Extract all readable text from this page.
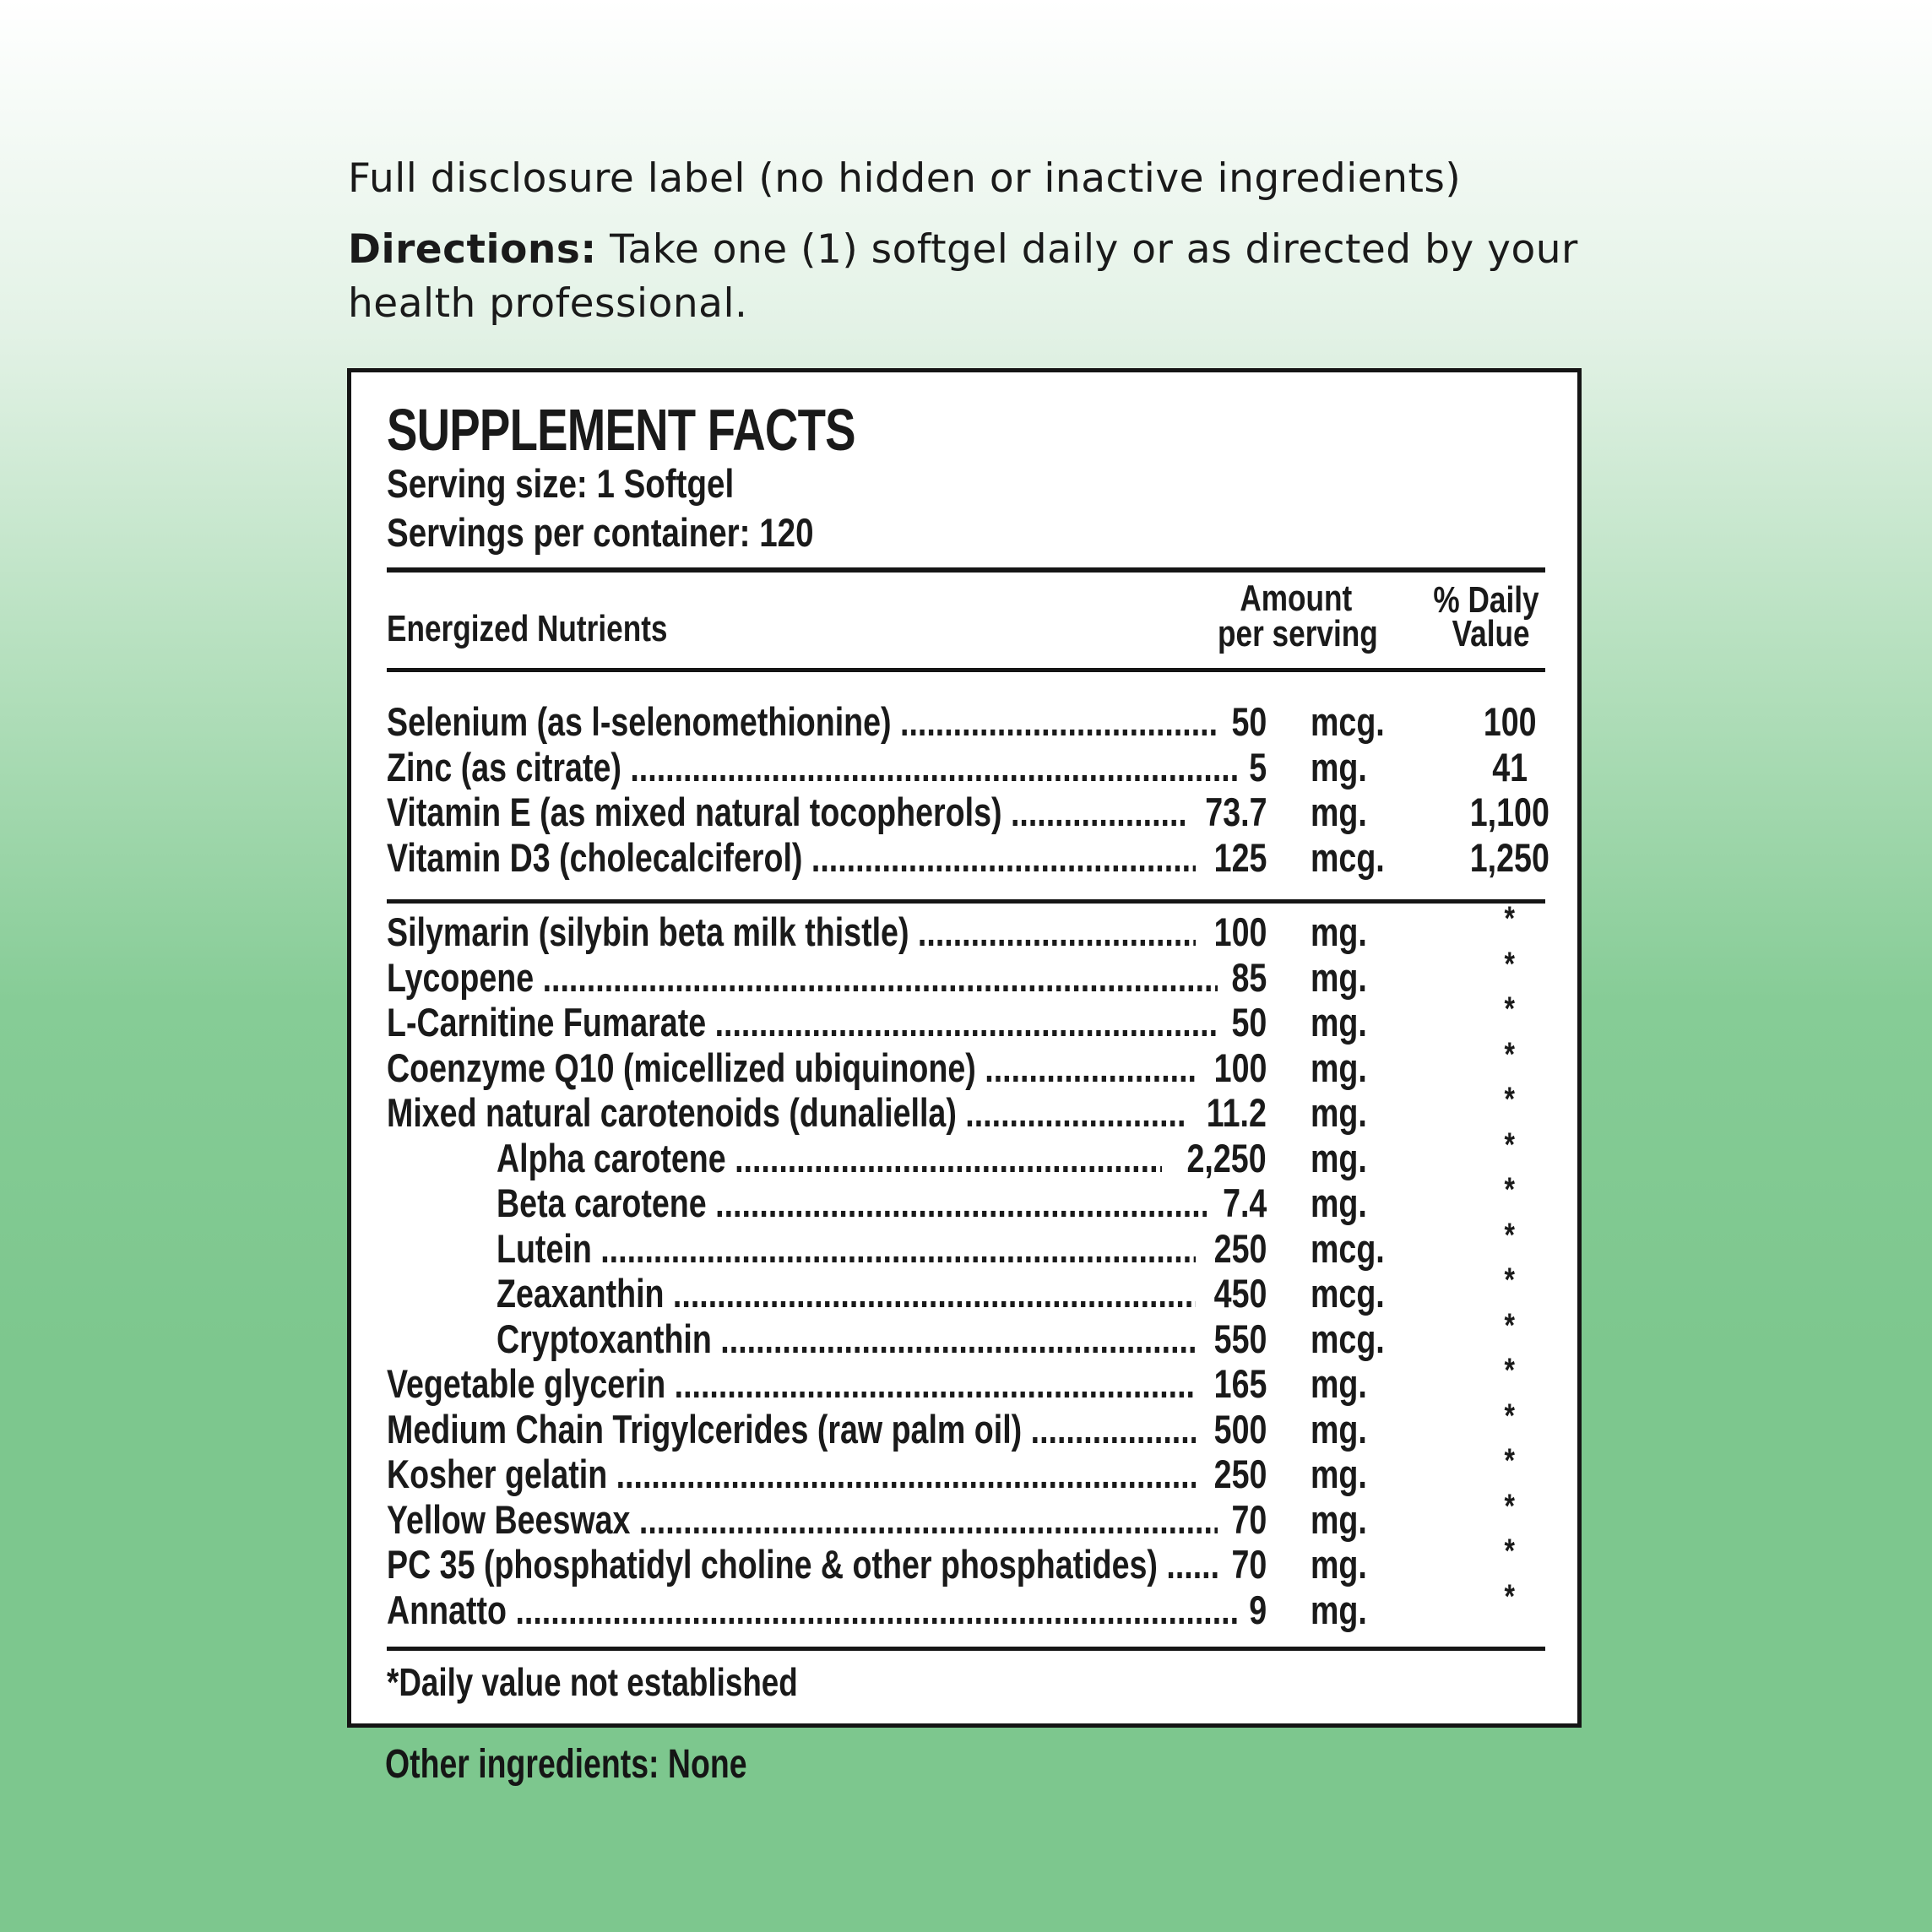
Full disclosure label (no hidden or inactive ingredients)
Directions: Take one (1) softgel daily or as directed by your health professional.
SUPPLEMENT FACTS
Serving size: 1 Softgel
Servings per container: 120
Energized Nutrients
Amount
per serving
% Daily
Value
Selenium (as l-selenomethionine) .....	50 mcg.	100
Zinc (as citrate) .....	5 mg.	41
Vitamin E (as mixed natural tocopherols) .....	73.7 mg.	1,100
Vitamin D3 (cholecalciferol) .....	125 mcg.	1,250
Silymarin (silybin beta milk thistle) .....	100 mg.	*
Lycopene .....	85 mg.	*
L-Carnitine Fumarate .....	50 mg.	*
Coenzyme Q10 (micellized ubiquinone) .....	100 mg.	*
Mixed natural carotenoids (dunaliella) .....	11.2 mg.	*
Alpha carotene .....	2,250 mg.	*
Beta carotene .....	7.4 mg.	*
Lutein .....	250 mcg.	*
Zeaxanthin .....	450 mcg.	*
Cryptoxanthin .....	550 mcg.	*
Vegetable glycerin .....	165 mg.	*
Medium Chain Trigylcerides (raw palm oil) .....	500 mg.	*
Kosher gelatin .....	250 mg.	*
Yellow Beeswax .....	70 mg.	*
PC 35 (phosphatidyl choline & other phosphatides) .....	70 mg.	*
Annatto .....	9 mg.	*
*Daily value not established
Other ingredients: None
